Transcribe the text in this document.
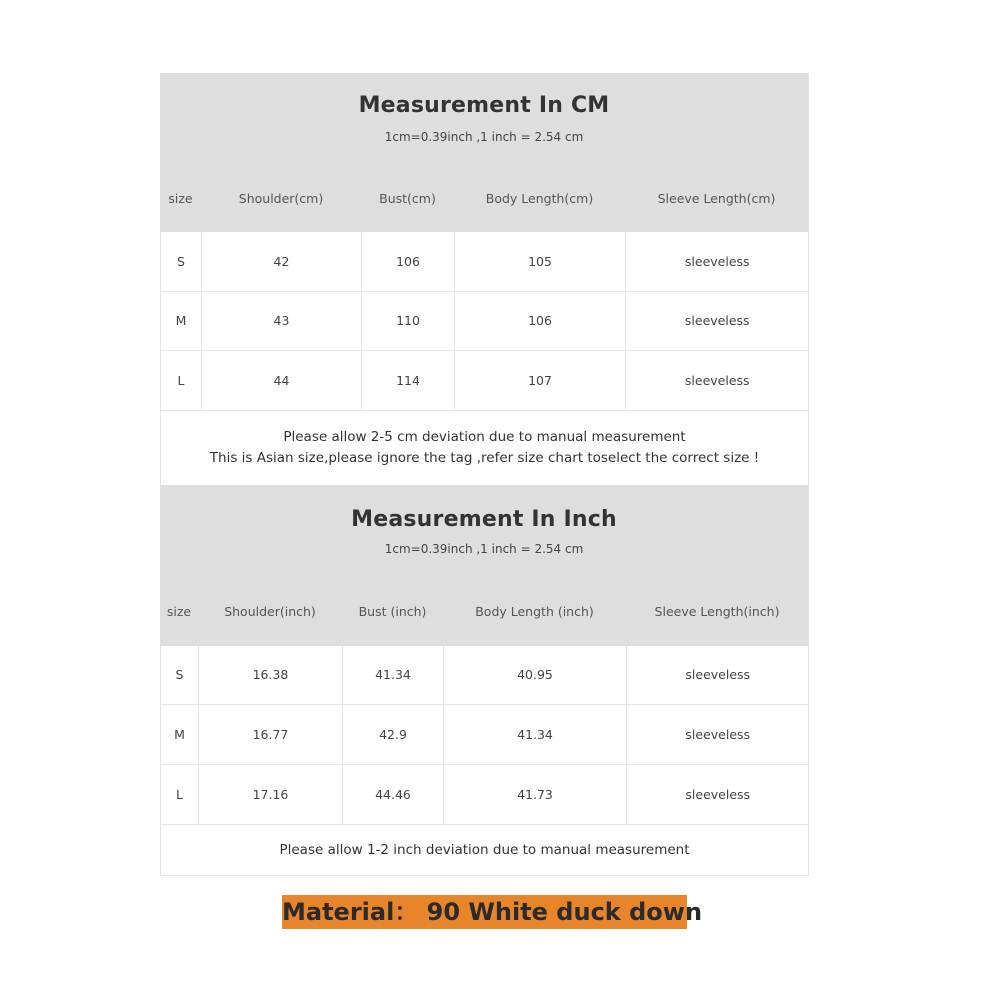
Measurement In CM
1cm=0.39inch ,1 inch = 2.54 cm
size	Shoulder(cm)	Bust(cm)	Body Length(cm)	Sleeve Length(cm)
S	42	106	105	sleeveless
M	43	110	106	sleeveless
L	44	114	107	sleeveless
Please allow 2-5 cm deviation due to manual measurement
This is Asian size,please ignore the tag ,refer size chart toselect the correct size !
Measurement In Inch
1cm=0.39inch ,1 inch = 2.54 cm
size	Shoulder(inch)	Bust (inch)	Body Length (inch)	Sleeve Length(inch)
S	16.38	41.34	40.95	sleeveless
M	16.77	42.9	41.34	sleeveless
L	17.16	44.46	41.73	sleeveless
Please allow 1-2 inch deviation due to manual measurement
Material： 90 White duck down
